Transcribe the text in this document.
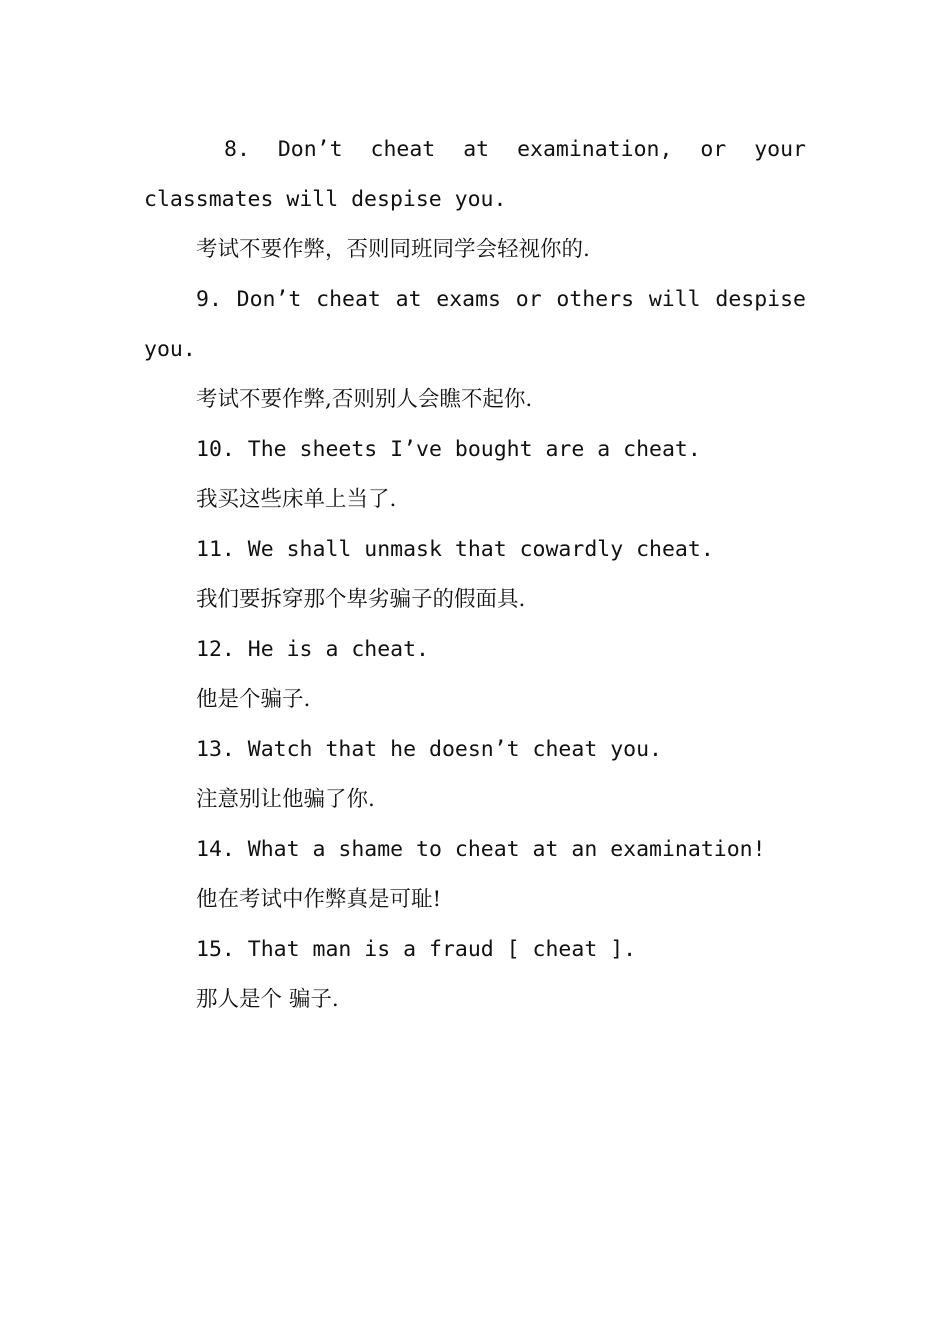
8. Don’t cheat at examination, or your classmates will despise you.

考试不要作弊，否则同班同学会轻视你的.

9. Don’t cheat at exams or others will despise you.

考试不要作弊,否则别人会瞧不起你.

10. The sheets I’ve bought are a cheat.

我买这些床单上当了.

11. We shall unmask that cowardly cheat.

我们要拆穿那个卑劣骗子的假面具.

12. He is a cheat.

他是个骗子.

13. Watch that he doesn’t cheat you.

注意别让他骗了你.

14. What a shame to cheat at an examination!

他在考试中作弊真是可耻!

15. That man is a fraud [ cheat ].

那人是个 骗子.
